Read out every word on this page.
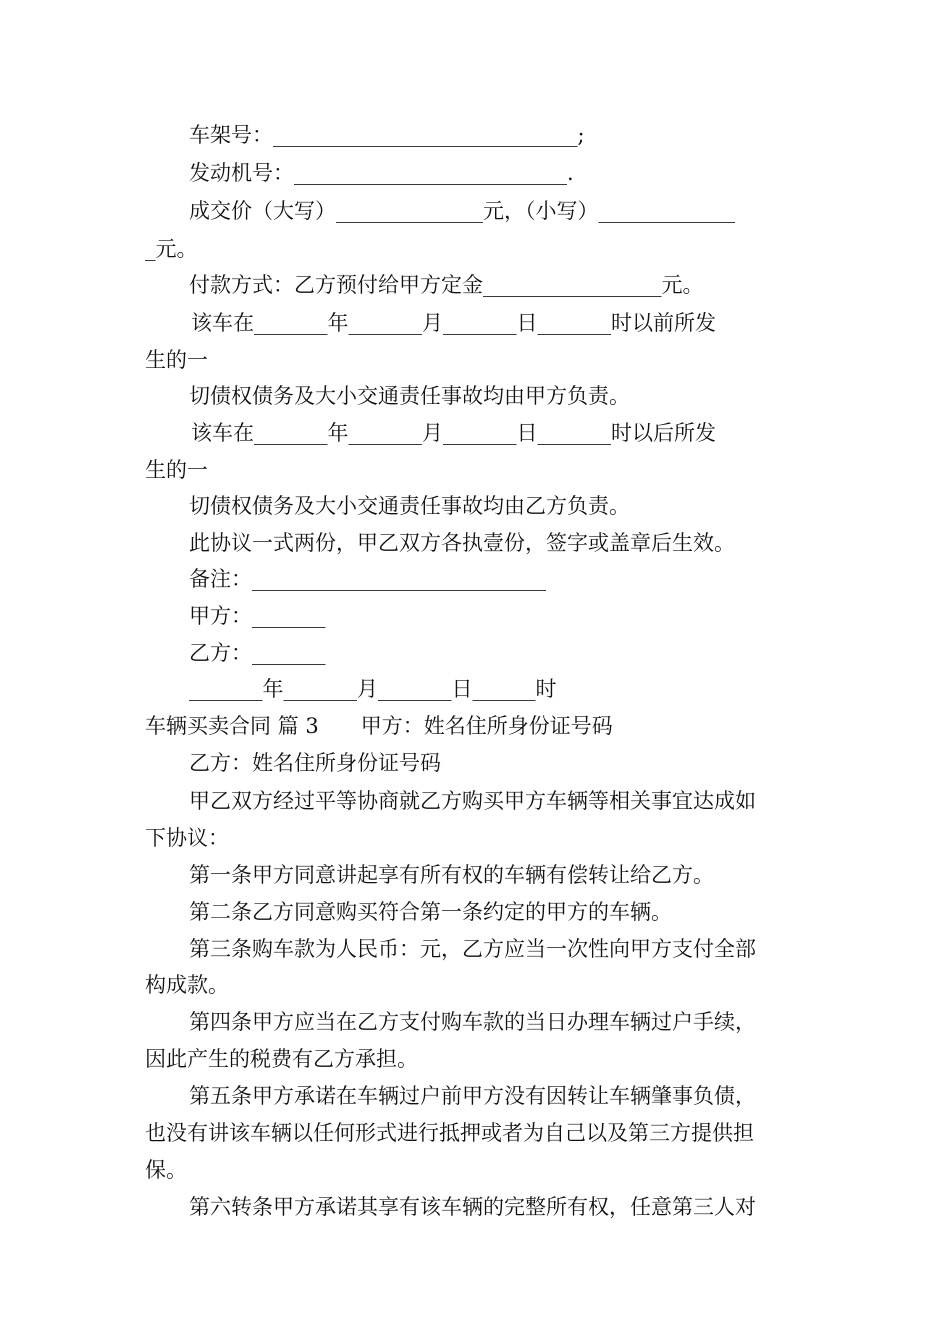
车架号：_____________________________;
发动机号：__________________________.
成交价（大写）______________元，（小写）_____________
_元。
付款方式：乙方预付给甲方定金_________________元。
该车在_______年_______月_______日_______时以前所发
生的一
切债权债务及大小交通责任事故均由甲方负责。
该车在_______年_______月_______日_______时以后所发
生的一
切债权债务及大小交通责任事故均由乙方负责。
此协议一式两份，甲乙双方各执壹份，签字或盖章后生效。
备注：____________________________
甲方：_______
乙方：_______
_______年_______月_______日______时
车辆买卖合同 篇 3　　甲方：姓名住所身份证号码
乙方：姓名住所身份证号码
甲乙双方经过平等协商就乙方购买甲方车辆等相关事宜达成如
下协议：
第一条甲方同意讲起享有所有权的车辆有偿转让给乙方。
第二条乙方同意购买符合第一条约定的甲方的车辆。
第三条购车款为人民币：元，乙方应当一次性向甲方支付全部
构成款。
第四条甲方应当在乙方支付购车款的当日办理车辆过户手续，
因此产生的税费有乙方承担。
第五条甲方承诺在车辆过户前甲方没有因转让车辆肇事负债，
也没有讲该车辆以任何形式进行抵押或者为自己以及第三方提供担
保。
第六转条甲方承诺其享有该车辆的完整所有权，任意第三人对
